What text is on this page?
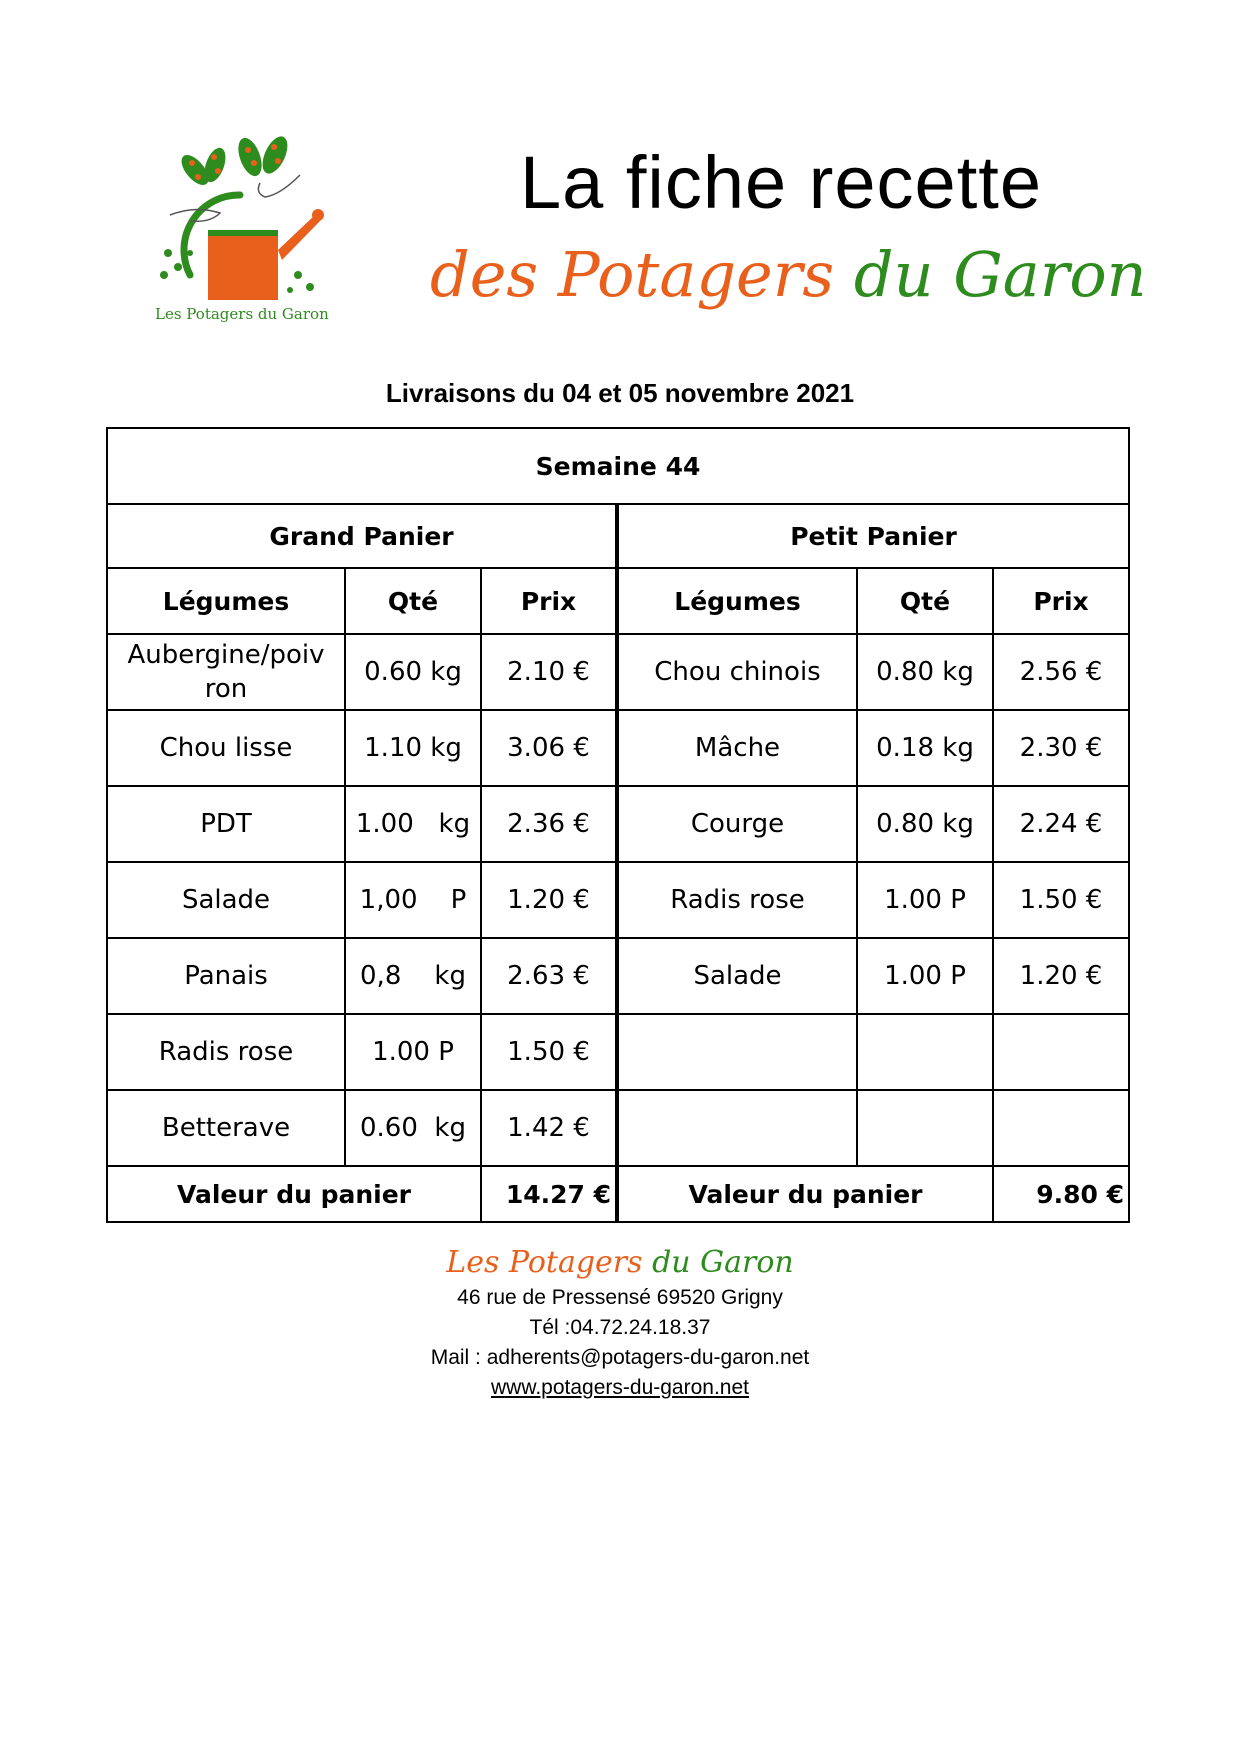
Les Potagers du Garon
La fiche recette
des Potagers du Garon
Livraisons du 04 et 05 novembre 2021
Semaine 44					
Grand Panier			Petit Panier		
Légumes	Qté	Prix	Légumes	Qté	Prix
Aubergine/poiv ron	0.60 kg	2.10 €	Chou chinois	0.80 kg	2.56 €
Chou lisse	1.10 kg	3.06 €	Mâche	0.18 kg	2.30 €
PDT	1.00   kg	2.36 €	Courge	0.80 kg	2.24 €
Salade	1,00    P	1.20 €	Radis rose	1.00 P	1.50 €
Panais	0,8    kg	2.63 €	Salade	1.00 P	1.20 €
Radis rose	1.00 P	1.50 €			
Betterave	0.60  kg	1.42 €			
Valeur du panier		14.27 €	Valeur du panier		9.80 €
Les Potagers du Garon
46 rue de Pressensé 69520 Grigny
Tél :04.72.24.18.37
Mail : adherents@potagers-du-garon.net
www.potagers-du-garon.net
